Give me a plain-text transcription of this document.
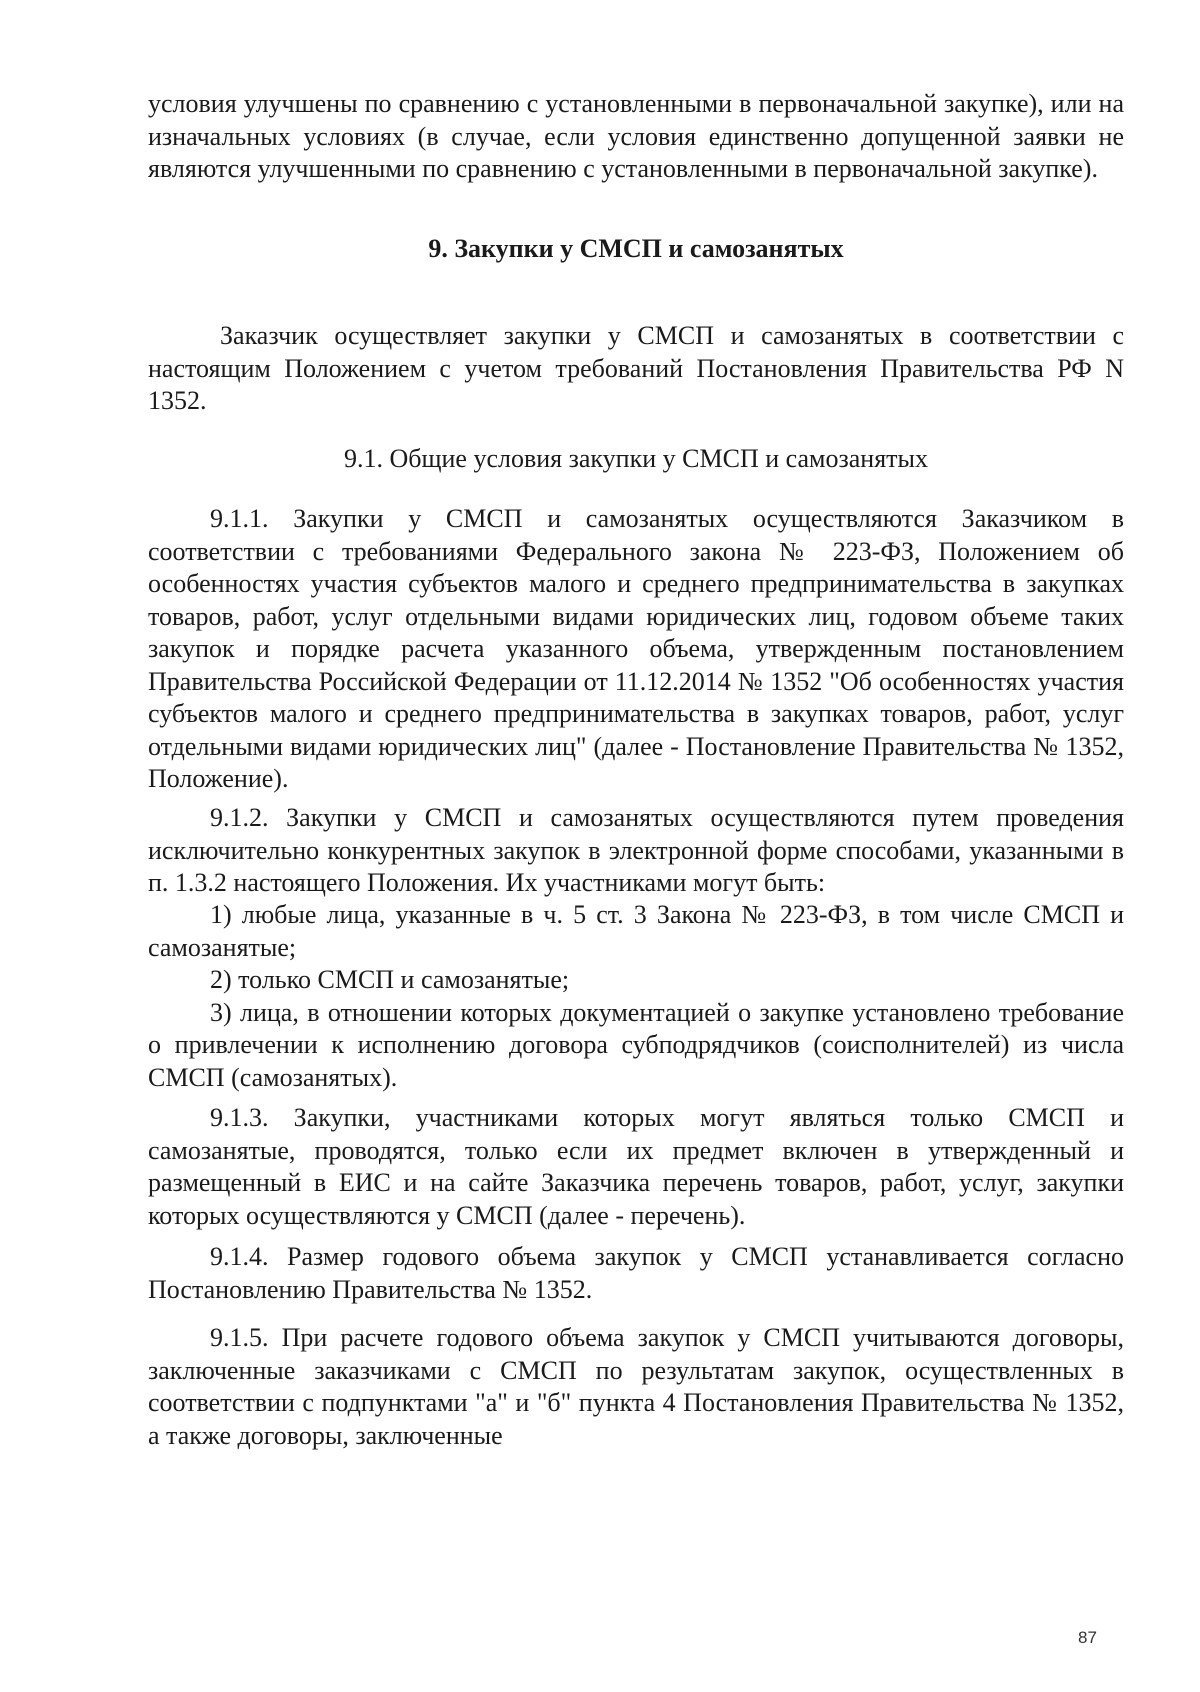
условия улучшены по сравнению с установленными в первоначальной закупке), или на изначальных условиях (в случае, если условия единственно допущенной заявки не являются улучшенными по сравнению с установленными в первоначальной закупке).

9. Закупки у СМСП и самозанятых

Заказчик осуществляет закупки у СМСП и самозанятых в соответствии с настоящим Положением с учетом требований Постановления Правительства РФ N 1352.

9.1. Общие условия закупки у СМСП и самозанятых

9.1.1. Закупки у СМСП и самозанятых осуществляются Заказчиком в соответствии с требованиями Федерального закона № 223-ФЗ, Положением об особенностях участия субъектов малого и среднего предпринимательства в закупках товаров, работ, услуг отдельными видами юридических лиц, годовом объеме таких закупок и порядке расчета указанного объема, утвержденным постановлением Правительства Российской Федерации от 11.12.2014 № 1352 "Об особенностях участия субъектов малого и среднего предпринимательства в закупках товаров, работ, услуг отдельными видами юридических лиц" (далее - Постановление Правительства № 1352, Положение).

9.1.2. Закупки у СМСП и самозанятых осуществляются путем проведения исключительно конкурентных закупок в электронной форме способами, указанными в п. 1.3.2 настоящего Положения. Их участниками могут быть:

1) любые лица, указанные в ч. 5 ст. 3 Закона № 223-ФЗ, в том числе СМСП и самозанятые;

2) только СМСП и самозанятые;

3) лица, в отношении которых документацией о закупке установлено требование о привлечении к исполнению договора субподрядчиков (соисполнителей) из числа СМСП (самозанятых).

9.1.3. Закупки, участниками которых могут являться только СМСП и самозанятые, проводятся, только если их предмет включен в утвержденный и размещенный в ЕИС и на сайте Заказчика перечень товаров, работ, услуг, закупки которых осуществляются у СМСП (далее - перечень).

9.1.4. Размер годового объема закупок у СМСП устанавливается согласно Постановлению Правительства № 1352.

9.1.5. При расчете годового объема закупок у СМСП учитываются договоры, заключенные заказчиками с СМСП по результатам закупок, осуществленных в соответствии с подпунктами "а" и "б" пункта 4 Постановления Правительства № 1352, а также договоры, заключенные

87
